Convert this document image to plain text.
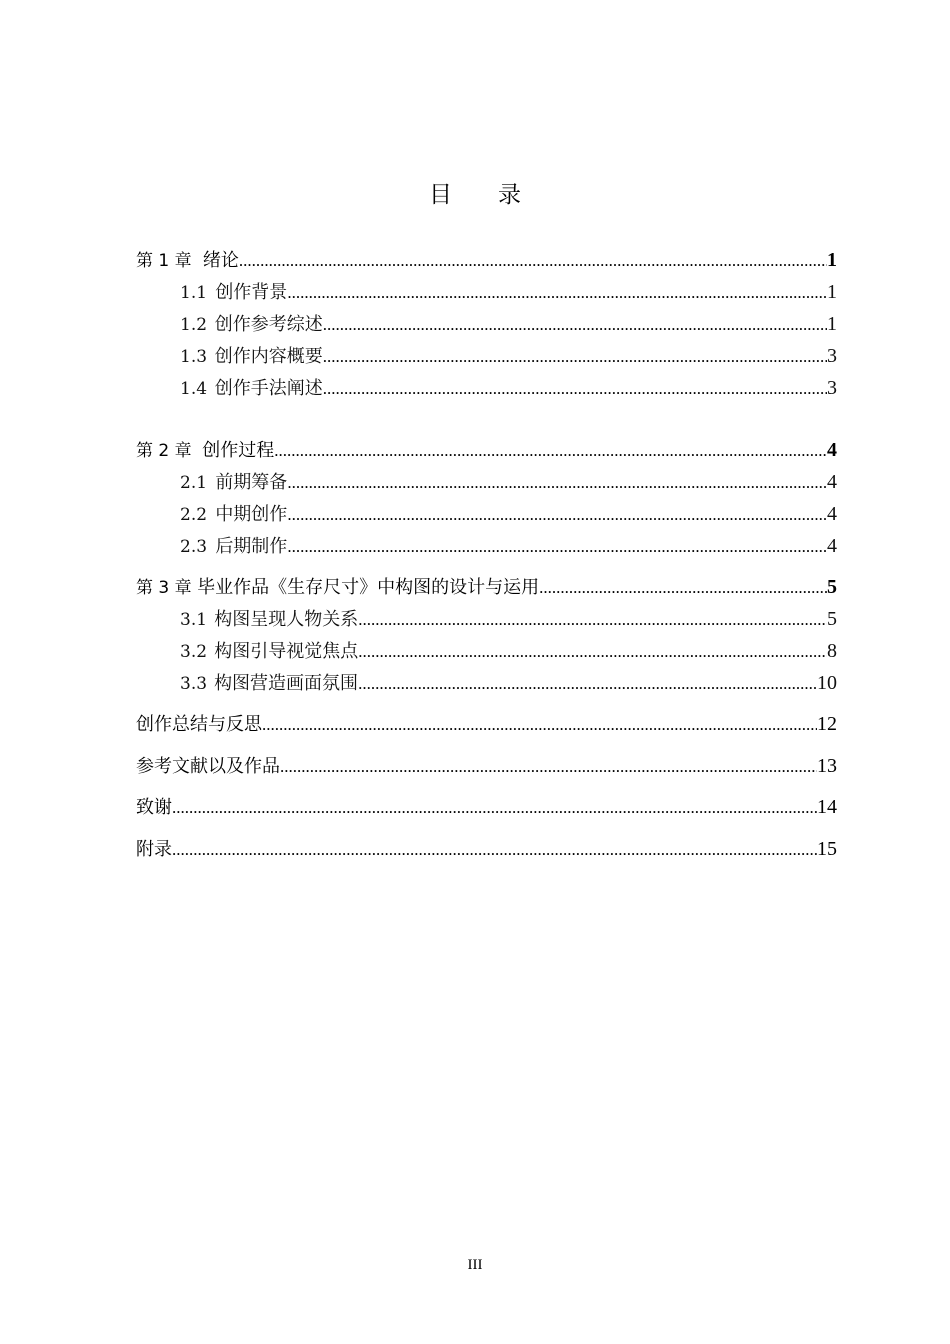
目 录
第 1 章 绪论 .....	1
1.1 创作背景 .....	1
1.2 创作参考综述 .....	1
1.3 创作内容概要 .....	3
1.4 创作手法阐述 .....	3
第 2 章 创作过程 .....	4
2.1 前期筹备 .....	4
2.2 中期创作 .....	4
2.3 后期制作 .....	4
第 3 章 毕业作品《生存尺寸》中构图的设计与运用 .....	5
3.1 构图呈现人物关系 .....	5
3.2 构图引导视觉焦点 .....	8
3.3 构图营造画面氛围 .....	10
创作总结与反思 .....	12
参考文献以及作品 .....	13
致谢 .....	14
附录 .....	15
III
